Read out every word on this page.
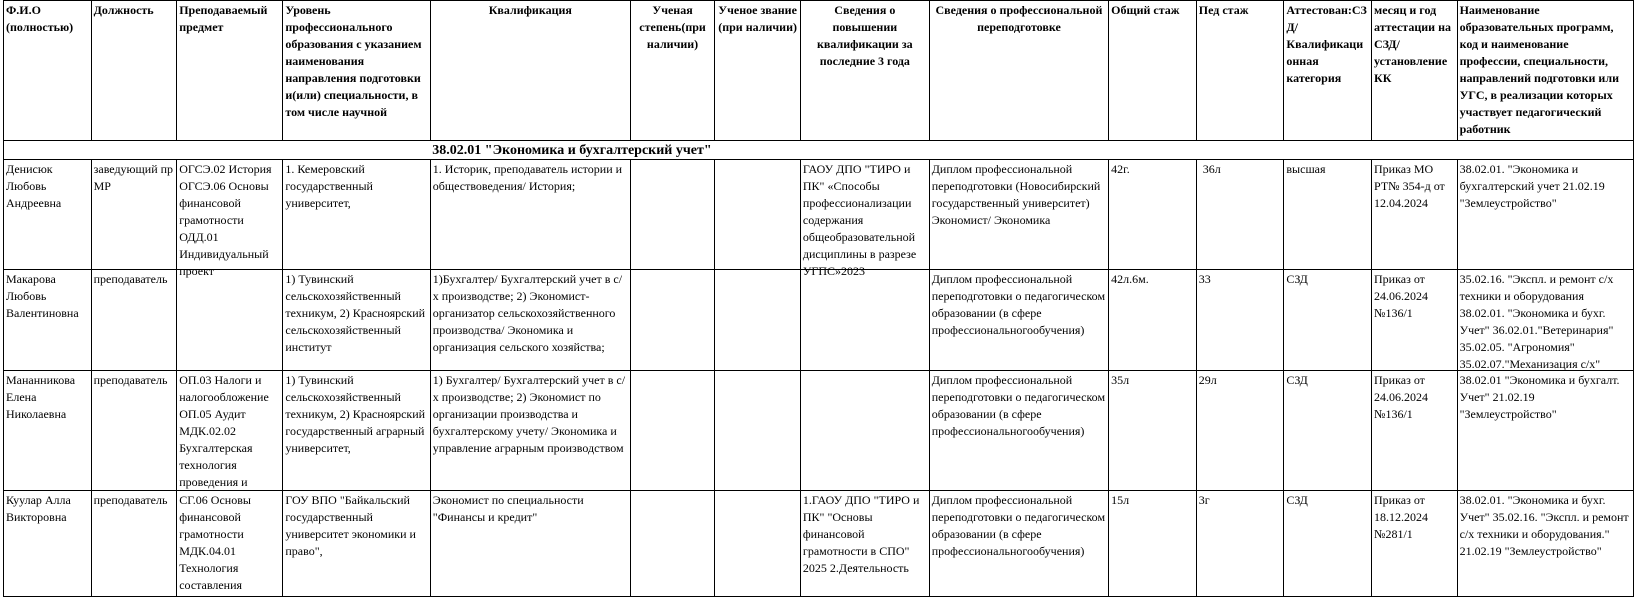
Ф.И.О (полностью)	Должность	Преподаваемый предмет	Уровень профессионального образования с указанием наименования направления подготовки и(или) специальности, в том числе научной	Квалификация	Ученая степень(при наличии)	Ученое звание (при наличии)	Сведения о повышении квалификации за последние 3 года	Сведения о профессиональной переподготовке	Общий стаж	Пед стаж	Аттестован:СЗД/Квалификационная категория	месяц и год аттестации на СЗД/установление КК	Наименование образовательных программ, код и наименование профессии, специальности, направлений подготовки или УГС, в реализации которых участвует педагогический работник

				38.02.01 "Экономика и бухгалтерский учет"									

Денисюк Любовь Андреевна	заведующий пр МР	ОГСЭ.02 История ОГСЭ.06 Основы финансовой грамотности ОДД.01 Индивидуальный проект	1. Кемеровский государственный университет,	1. Историк, преподаватель истории и обществоведения/ История;			ГАОУ ДПО "ТИРО и ПК" «Способы профессионализации содержания общеобразовательной дисциплины в разрезе УГПС»2023	Диплом профессиональной переподготовки (Новосибирский государственный университет) Экономист/ Экономика	42г.	36л	высшая	Приказ МО РТ№ 354-д от 12.04.2024	38.02.01. "Экономика и бухгалтерский учет 21.02.19 "Землеустройство"

Макарова Любовь Валентиновна	преподаватель		1) Тувинский сельскохозяйственный техникум, 2) Красноярский сельскохозяйственный институт	1)Бухгалтер/ Бухгалтерский учет в с/х производстве; 2) Экономист-организатор сельскохозяйственного производства/ Экономика и организация сельского хозяйства;				Диплом профессиональной переподготовки о педагогическом образовании (в сфере профессиональногообучения)	42л.6м.	33	СЗД	Приказ от 24.06.2024 №136/1	35.02.16. "Экспл. и ремонт с/х техники и оборудования 38.02.01. "Экономика и бухг. Учет" 36.02.01."Ветеринария" 35.02.05. "Агрономия" 35.02.07."Механизация с/х"

Мананникова Елена Николаевна	преподаватель	ОП.03 Налоги и налогообложение ОП.05 Аудит МДК.02.02 Бухгалтерская технология проведения и	1) Тувинский сельскохозяйственный техникум, 2) Красноярский государственный аграрный университет,	1) Бухгалтер/ Бухгалтерский учет в с/х производстве; 2) Экономист по организации производства и бухгалтерскому учету/ Экономика и управление аграрным производством				Диплом профессиональной переподготовки о педагогическом образовании (в сфере профессиональногообучения)	35л	29л	СЗД	Приказ от 24.06.2024 №136/1	38.02.01 "Экономика и бухгалт. Учет" 21.02.19 "Землеустройство"

Куулар Алла Викторовна	преподаватель	СГ.06 Основы финансовой грамотности МДК.04.01 Технология составления	ГОУ ВПО "Байкальский государственный университет экономики и право",	Экономист по специальности "Финансы и кредит"			1.ГАОУ ДПО "ТИРО и ПК" "Основы финансовой грамотности в СПО" 2025 2.Деятельность	Диплом профессиональной переподготовки о педагогическом образовании (в сфере профессиональногообучения)	15л	3г	СЗД	Приказ от 18.12.2024 №281/1	38.02.01. "Экономика и бухг. Учет" 35.02.16. "Экспл. и ремонт с/х техники и оборудования." 21.02.19 "Землеустройство"
